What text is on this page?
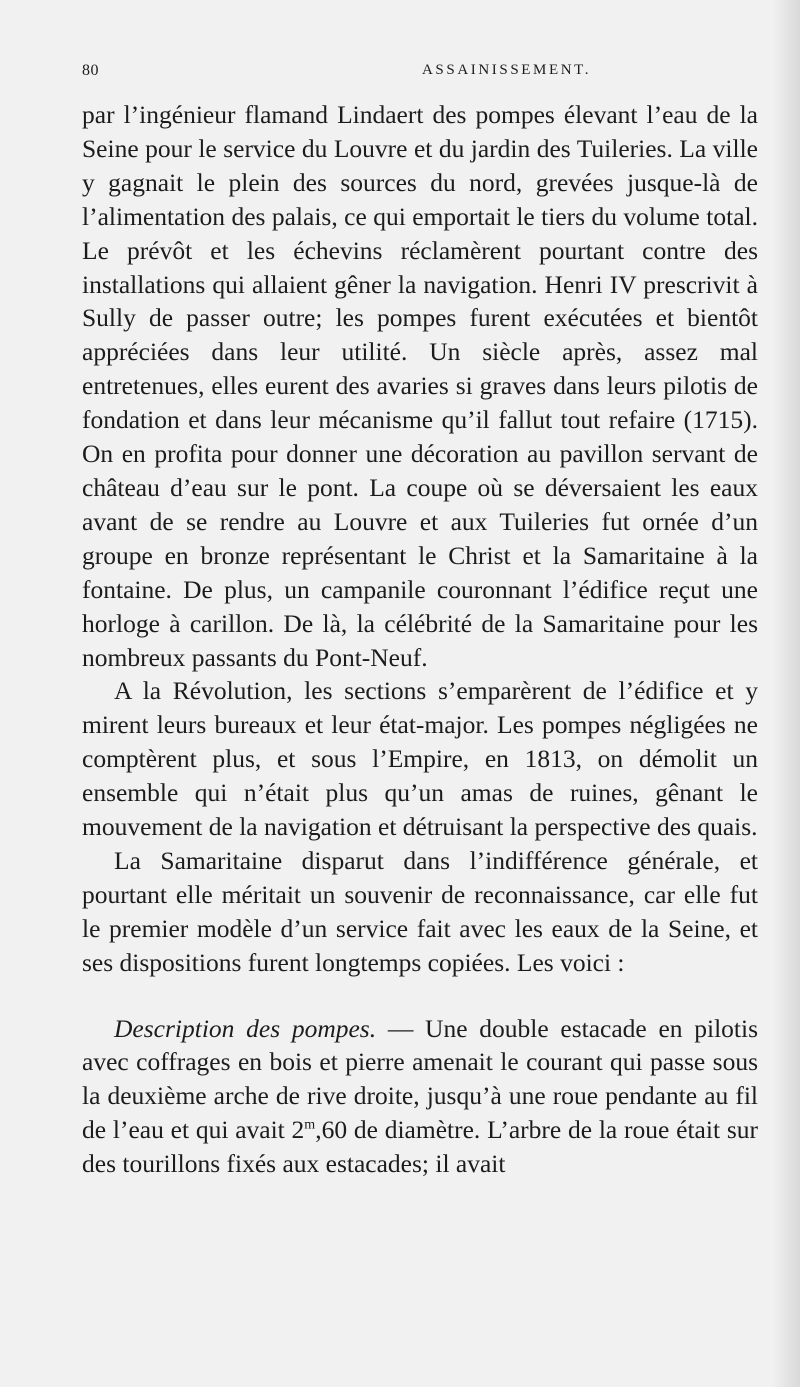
80	ASSAINISSEMENT.

par l’ingénieur flamand Lindaert des pompes élevant l’eau de la Seine pour le service du Louvre et du jardin des Tuileries. La ville y gagnait le plein des sources du nord, grevées jusque-là de l’alimentation des palais, ce qui emportait le tiers du volume total. Le prévôt et les échevins réclamèrent pourtant contre des installations qui allaient gêner la navigation. Henri IV prescrivit à Sully de passer outre; les pompes furent exécutées et bientôt appréciées dans leur utilité. Un siècle après, assez mal entretenues, elles eurent des avaries si graves dans leurs pilotis de fondation et dans leur mécanisme qu’il fallut tout refaire (1715). On en profita pour donner une décoration au pavillon servant de château d’eau sur le pont. La coupe où se déversaient les eaux avant de se rendre au Louvre et aux Tuileries fut ornée d’un groupe en bronze représentant le Christ et la Samaritaine à la fontaine. De plus, un campanile couronnant l’édifice reçut une horloge à carillon. De là, la célébrité de la Samaritaine pour les nombreux passants du Pont-Neuf.

A la Révolution, les sections s’emparèrent de l’édifice et y mirent leurs bureaux et leur état-major. Les pompes négligées ne comptèrent plus, et sous l’Empire, en 1813, on démolit un ensemble qui n’était plus qu’un amas de ruines, gênant le mouvement de la navigation et détruisant la perspective des quais.

La Samaritaine disparut dans l’indifférence générale, et pourtant elle méritait un souvenir de reconnaissance, car elle fut le premier modèle d’un service fait avec les eaux de la Seine, et ses dispositions furent longtemps copiées. Les voici :

Description des pompes. — Une double estacade en pilotis avec coffrages en bois et pierre amenait le courant qui passe sous la deuxième arche de rive droite, jusqu’à une roue pendante au fil de l’eau et qui avait 2$^m$,60 de diamètre. L’arbre de la roue était sur des tourillons fixés aux estacades; il avait
